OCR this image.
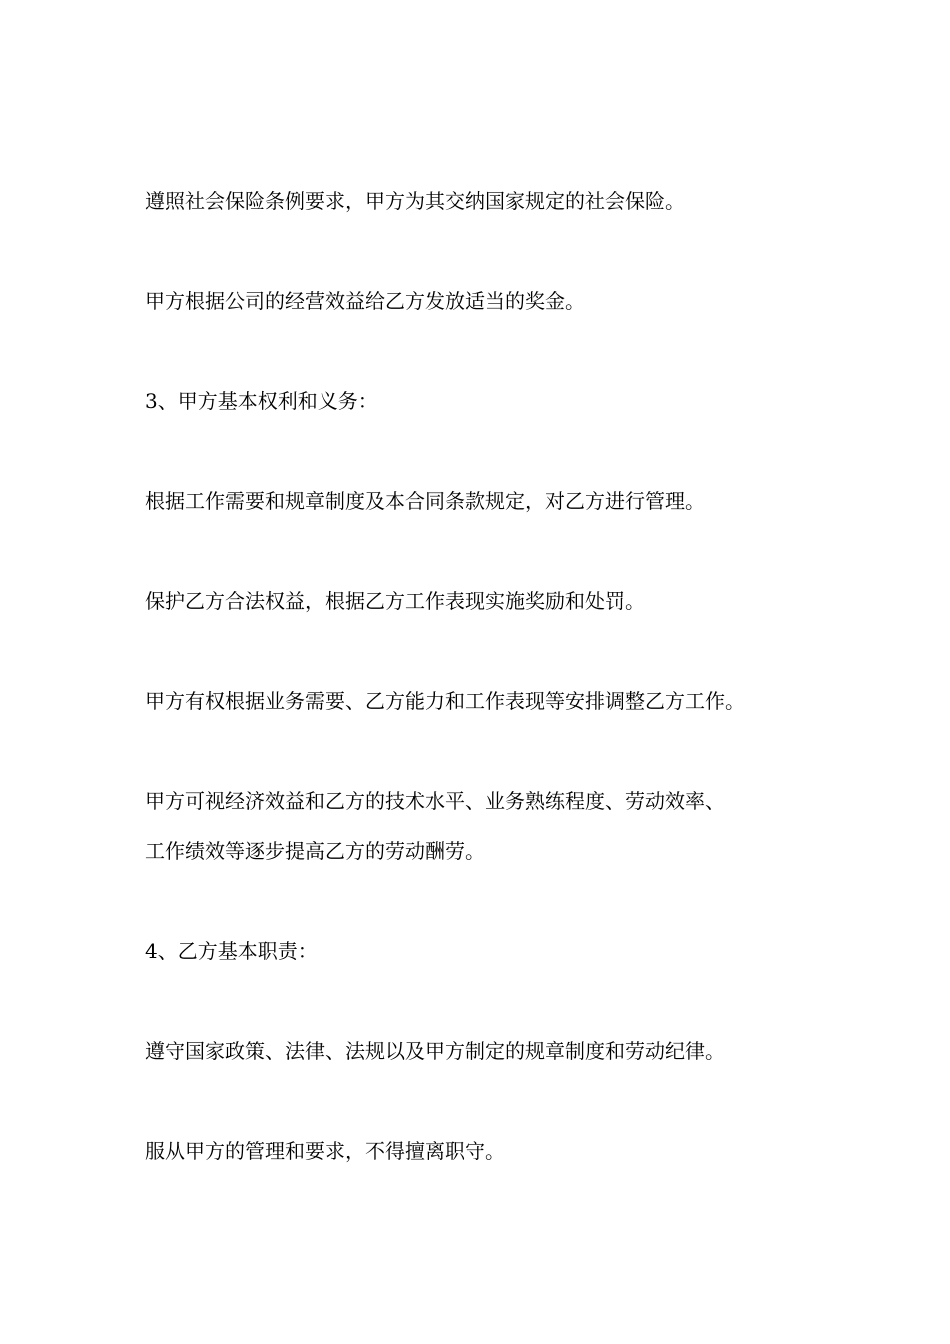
遵照社会保险条例要求，甲方为其交纳国家规定的社会保险。

甲方根据公司的经营效益给乙方发放适当的奖金。

3、甲方基本权利和义务：

根据工作需要和规章制度及本合同条款规定，对乙方进行管理。

保护乙方合法权益，根据乙方工作表现实施奖励和处罚。

甲方有权根据业务需要、乙方能力和工作表现等安排调整乙方工作。

甲方可视经济效益和乙方的技术水平、业务熟练程度、劳动效率、

工作绩效等逐步提高乙方的劳动酬劳。

4、乙方基本职责：

遵守国家政策、法律、法规以及甲方制定的规章制度和劳动纪律。

服从甲方的管理和要求，不得擅离职守。
